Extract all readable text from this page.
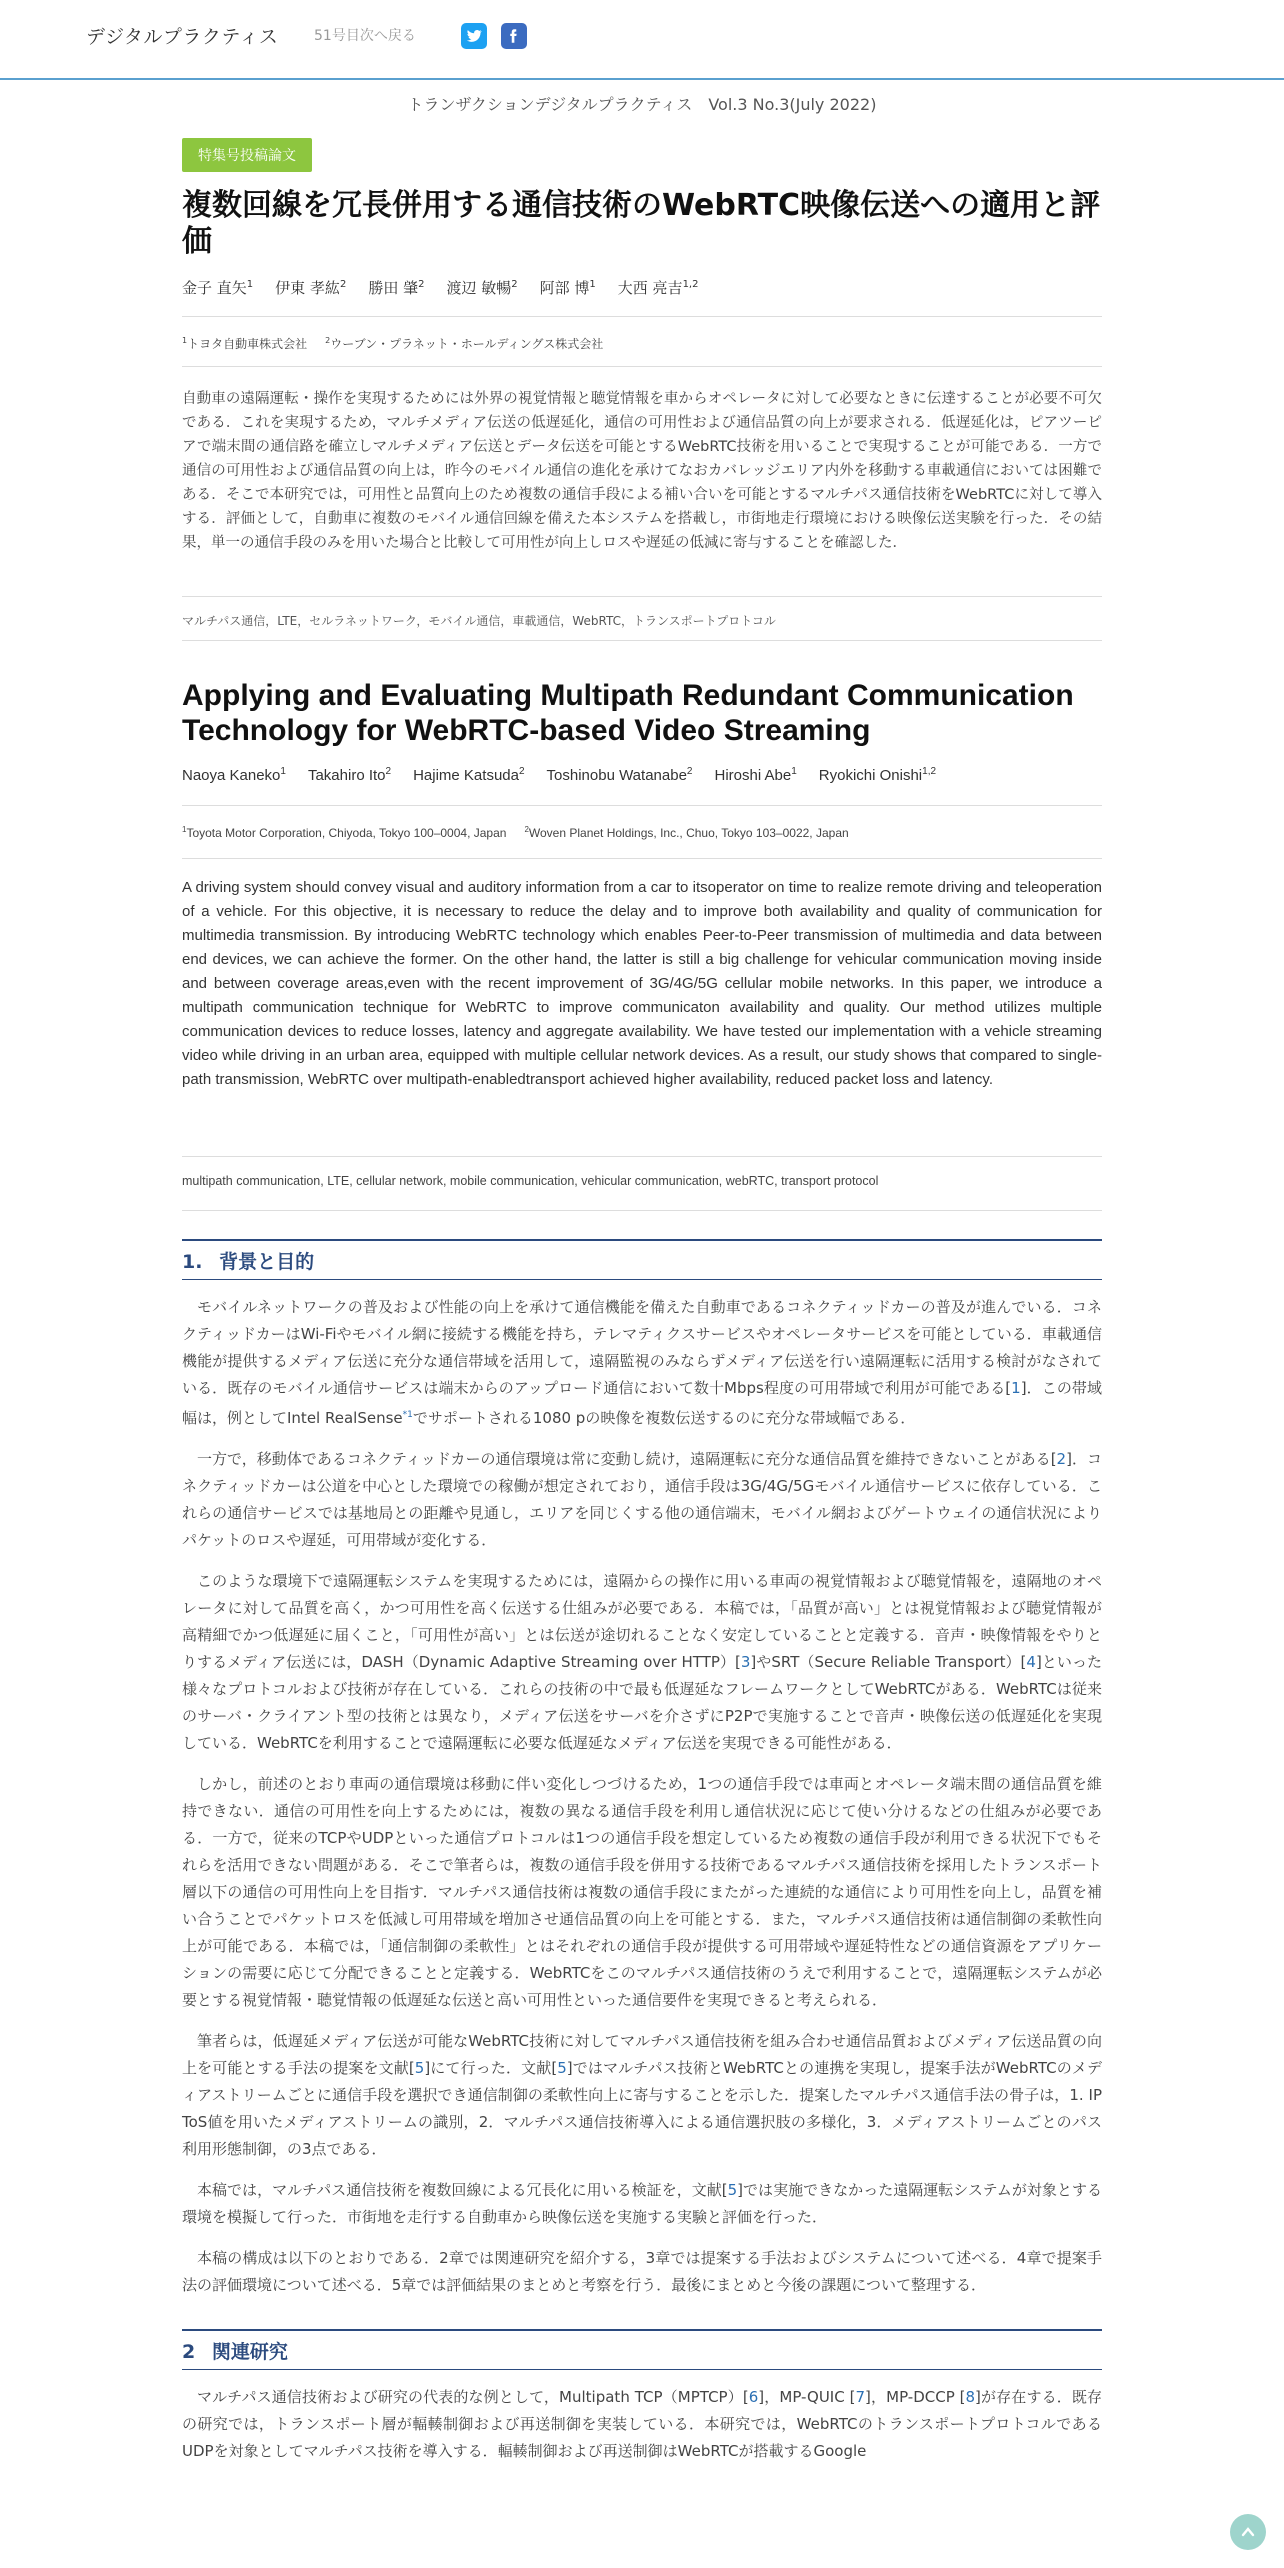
デジタルプラクティス	51号目次へ戻る
トランザクションデジタルプラクティス　Vol.3 No.3(July 2022)
特集号投稿論文
複数回線を冗長併用する通信技術のWebRTC映像伝送への適用と評価
金子 直矢$^1$ 伊東 孝紘$^2$ 勝田 肇$^2$ 渡辺 敏暢$^2$ 阿部 博$^1$ 大西 亮吉$^{1,2}$
$^1$トヨタ自動車株式会社 $^2$ウーブン・プラネット・ホールディングス株式会社
自動車の遠隔運転・操作を実現するためには外界の視覚情報と聴覚情報を車からオペレータに対して必要なときに伝達することが必要不可欠である．これを実現するため，マルチメディア伝送の低遅延化，通信の可用性および通信品質の向上が要求される．低遅延化は，ピアツーピアで端末間の通信路を確立しマルチメディア伝送とデータ伝送を可能とするWebRTC技術を用いることで実現することが可能である．一方で通信の可用性および通信品質の向上は，昨今のモバイル通信の進化を承けてなおカバレッジエリア内外を移動する車載通信においては困難である．そこで本研究では，可用性と品質向上のため複数の通信手段による補い合いを可能とするマルチパス通信技術をWebRTCに対して導入する．評価として，自動車に複数のモバイル通信回線を備えた本システムを搭載し，市街地走行環境における映像伝送実験を行った．その結果，単一の通信手段のみを用いた場合と比較して可用性が向上しロスや遅延の低減に寄与することを確認した．
マルチパス通信，LTE，セルラネットワーク，モバイル通信，車載通信，WebRTC，トランスポートプロトコル
Applying and Evaluating Multipath Redundant Communication Technology for WebRTC-based Video Streaming
Naoya Kaneko$^1$ Takahiro Ito$^2$ Hajime Katsuda$^2$ Toshinobu Watanabe$^2$ Hiroshi Abe$^1$ Ryokichi Onishi$^{1,2}$
$^1$Toyota Motor Corporation, Chiyoda, Tokyo 100–0004, Japan $^2$Woven Planet Holdings, Inc., Chuo, Tokyo 103–0022, Japan
A driving system should convey visual and auditory information from a car to itsoperator on time to realize remote driving and teleoperation of a vehicle. For this objective, it is necessary to reduce the delay and to improve both availability and quality of communication for multimedia transmission. By introducing WebRTC technology which enables Peer-to-Peer transmission of multimedia and data between end devices, we can achieve the former. On the other hand, the latter is still a big challenge for vehicular communication moving inside and between coverage areas,even with the recent improvement of 3G/4G/5G cellular mobile networks. In this paper, we introduce a multipath communication technique for WebRTC to improve communicaton availability and quality. Our method utilizes multiple communication devices to reduce losses, latency and aggregate availability. We have tested our implementation with a vehicle streaming video while driving in an urban area, equipped with multiple cellular network devices. As a result, our study shows that compared to single-path transmission, WebRTC over multipath-enabledtransport achieved higher availability, reduced packet loss and latency.
multipath communication, LTE, cellular network, mobile communication, vehicular communication, webRTC, transport protocol
1. 背景と目的

モバイルネットワークの普及および性能の向上を承けて通信機能を備えた自動車であるコネクティッドカーの普及が進んでいる．コネクティッドカーはWi-Fiやモバイル網に接続する機能を持ち，テレマティクスサービスやオペレータサービスを可能としている．車載通信機能が提供するメディア伝送に充分な通信帯域を活用して，遠隔監視のみならずメディア伝送を行い遠隔運転に活用する検討がなされている．既存のモバイル通信サービスは端末からのアップロード通信において数十Mbps程度の可用帯域で利用が可能である[1]．この帯域幅は，例としてIntel RealSense$^{*1}$でサポートされる1080 pの映像を複数伝送するのに充分な帯域幅である．

一方で，移動体であるコネクティッドカーの通信環境は常に変動し続け，遠隔運転に充分な通信品質を維持できないことがある[2]．コネクティッドカーは公道を中心とした環境での稼働が想定されており，通信手段は3G/4G/5Gモバイル通信サービスに依存している．これらの通信サービスでは基地局との距離や見通し，エリアを同じくする他の通信端末，モバイル網およびゲートウェイの通信状況によりパケットのロスや遅延，可用帯域が変化する．

このような環境下で遠隔運転システムを実現するためには，遠隔からの操作に用いる車両の視覚情報および聴覚情報を，遠隔地のオペレータに対して品質を高く，かつ可用性を高く伝送する仕組みが必要である．本稿では，「品質が高い」とは視覚情報および聴覚情報が高精細でかつ低遅延に届くこと，「可用性が高い」とは伝送が途切れることなく安定していることと定義する．音声・映像情報をやりとりするメディア伝送には，DASH（Dynamic Adaptive Streaming over HTTP）[3]やSRT（Secure Reliable Transport）[4]といった様々なプロトコルおよび技術が存在している．これらの技術の中で最も低遅延なフレームワークとしてWebRTCがある．WebRTCは従来のサーバ・クライアント型の技術とは異なり，メディア伝送をサーバを介さずにP2Pで実施することで音声・映像伝送の低遅延化を実現している．WebRTCを利用することで遠隔運転に必要な低遅延なメディア伝送を実現できる可能性がある．

しかし，前述のとおり車両の通信環境は移動に伴い変化しつづけるため，1つの通信手段では車両とオペレータ端末間の通信品質を維持できない．通信の可用性を向上するためには，複数の異なる通信手段を利用し通信状況に応じて使い分けるなどの仕組みが必要である．一方で，従来のTCPやUDPといった通信プロトコルは1つの通信手段を想定しているため複数の通信手段が利用できる状況下でもそれらを活用できない問題がある．そこで筆者らは，複数の通信手段を併用する技術であるマルチパス通信技術を採用したトランスポート層以下の通信の可用性向上を目指す．マルチパス通信技術は複数の通信手段にまたがった連続的な通信により可用性を向上し，品質を補い合うことでパケットロスを低減し可用帯域を増加させ通信品質の向上を可能とする．また，マルチパス通信技術は通信制御の柔軟性向上が可能である．本稿では，「通信制御の柔軟性」とはそれぞれの通信手段が提供する可用帯域や遅延特性などの通信資源をアプリケーションの需要に応じて分配できることと定義する．WebRTCをこのマルチパス通信技術のうえで利用することで，遠隔運転システムが必要とする視覚情報・聴覚情報の低遅延な伝送と高い可用性といった通信要件を実現できると考えられる．

筆者らは，低遅延メディア伝送が可能なWebRTC技術に対してマルチパス通信技術を組み合わせ通信品質およびメディア伝送品質の向上を可能とする手法の提案を文献[5]にて行った．文献[5]ではマルチパス技術とWebRTCとの連携を実現し，提案手法がWebRTCのメディアストリームごとに通信手段を選択でき通信制御の柔軟性向上に寄与することを示した．提案したマルチパス通信手法の骨子は，1. IP ToS値を用いたメディアストリームの識別，2．マルチパス通信技術導入による通信選択肢の多様化，3．メディアストリームごとのパス利用形態制御，の3点である．

本稿では，マルチパス通信技術を複数回線による冗長化に用いる検証を，文献[5]では実施できなかった遠隔運転システムが対象とする環境を模擬して行った．市街地を走行する自動車から映像伝送を実施する実験と評価を行った．

本稿の構成は以下のとおりである．2章では関連研究を紹介する，3章では提案する手法およびシステムについて述べる．4章で提案手法の評価環境について述べる．5章では評価結果のまとめと考察を行う．最後にまとめと今後の課題について整理する．

2 関連研究

マルチパス通信技術および研究の代表的な例として，Multipath TCP（MPTCP）[6]，MP-QUIC [7]，MP-DCCP [8]が存在する．既存の研究では，トランスポート層が輻輳制御および再送制御を実装している．本研究では，WebRTCのトランスポートプロトコルであるUDPを対象としてマルチパス技術を導入する．輻輳制御および再送制御はWebRTCが搭載するGoogle
